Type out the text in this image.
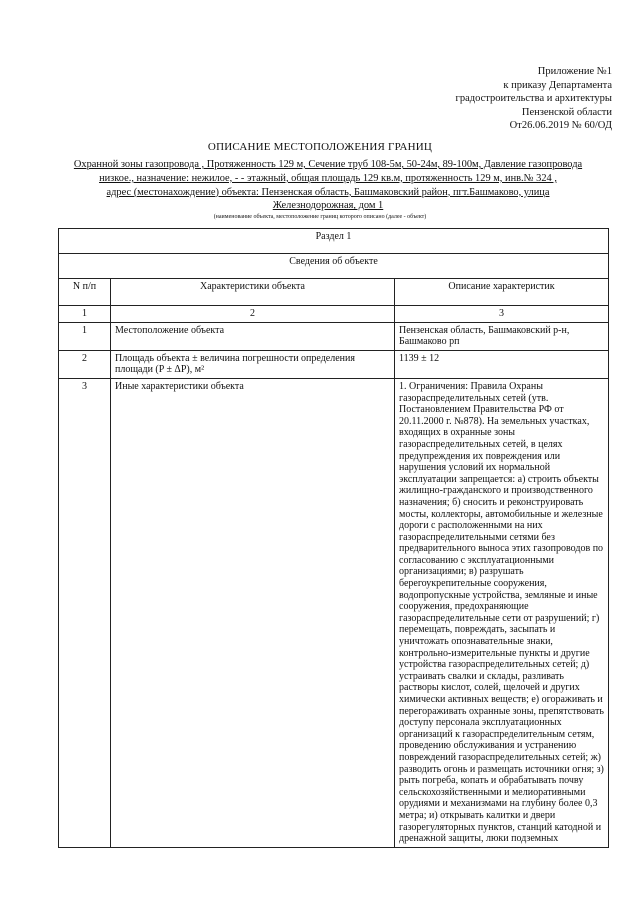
Приложение №1
к приказу Департамента
градостроительства и архитектуры
Пензенской области
От26.06.2019 № 60/ОД
ОПИСАНИЕ МЕСТОПОЛОЖЕНИЯ ГРАНИЦ
Охранной зоны газопровода , Протяженность 129 м, Сечение труб 108-5м, 50-24м, 89-100м, Давление газопровода
низкое., назначение: нежилое, - - этажный, общая площадь 129 кв.м, протяженность 129 м, инв.№ 324 ,
адрес (местонахождение) объекта: Пензенская область, Башмаковский район, пгт.Башмаково, улица
Железнодорожная, дом 1
(наименование объекта, местоположение границ которого описано (далее - объект)
Раздел 1		
Сведения об объекте		
N п/п	Характеристики объекта	Описание характеристик
1	2	3
1	Местоположение объекта	Пензенская область, Башмаковский р-н, Башмаково рп
2	Площадь объекта ± величина погрешности определения площади (P ± ΔP), м²	1139 ± 12
3	Иные характеристики объекта	1. Ограничения: Правила Охраны газораспределительных сетей (утв. Постановлением Правительства РФ от 20.11.2000 г. №878). На земельных участках, входящих в охранные зоны газораспределительных сетей, в целях предупреждения их повреждения или нарушения условий их нормальной эксплуатации запрещается: а) строить объекты жилищно-гражданского и производственного назначения; б) сносить и реконструировать мосты, коллекторы, автомобильные и железные дороги с расположенными на них газораспределительными сетями без предварительного выноса этих газопроводов по согласованию с эксплуатационными организациями; в) разрушать берегоукрепительные сооружения, водопропускные устройства, земляные и иные сооружения, предохраняющие газораспределительные сети от разрушений; г) перемещать, повреждать, засыпать и уничтожать опознавательные знаки, контрольно-измерительные пункты и другие устройства газораспределительных сетей; д) устраивать свалки и склады, разливать растворы кислот, солей, щелочей и других химически активных веществ; е) огораживать и перегораживать охранные зоны, препятствовать доступу персонала эксплуатационных организаций к газораспределительным сетям, проведению обслуживания и устранению повреждений газораспределительных сетей; ж) разводить огонь и размещать источники огня; з) рыть погреба, копать и обрабатывать почву сельскохозяйственными и мелиоративными орудиями и механизмами на глубину более 0,3 метра; и) открывать калитки и двери газорегуляторных пунктов, станций катодной и дренажной защиты, люки подземных
